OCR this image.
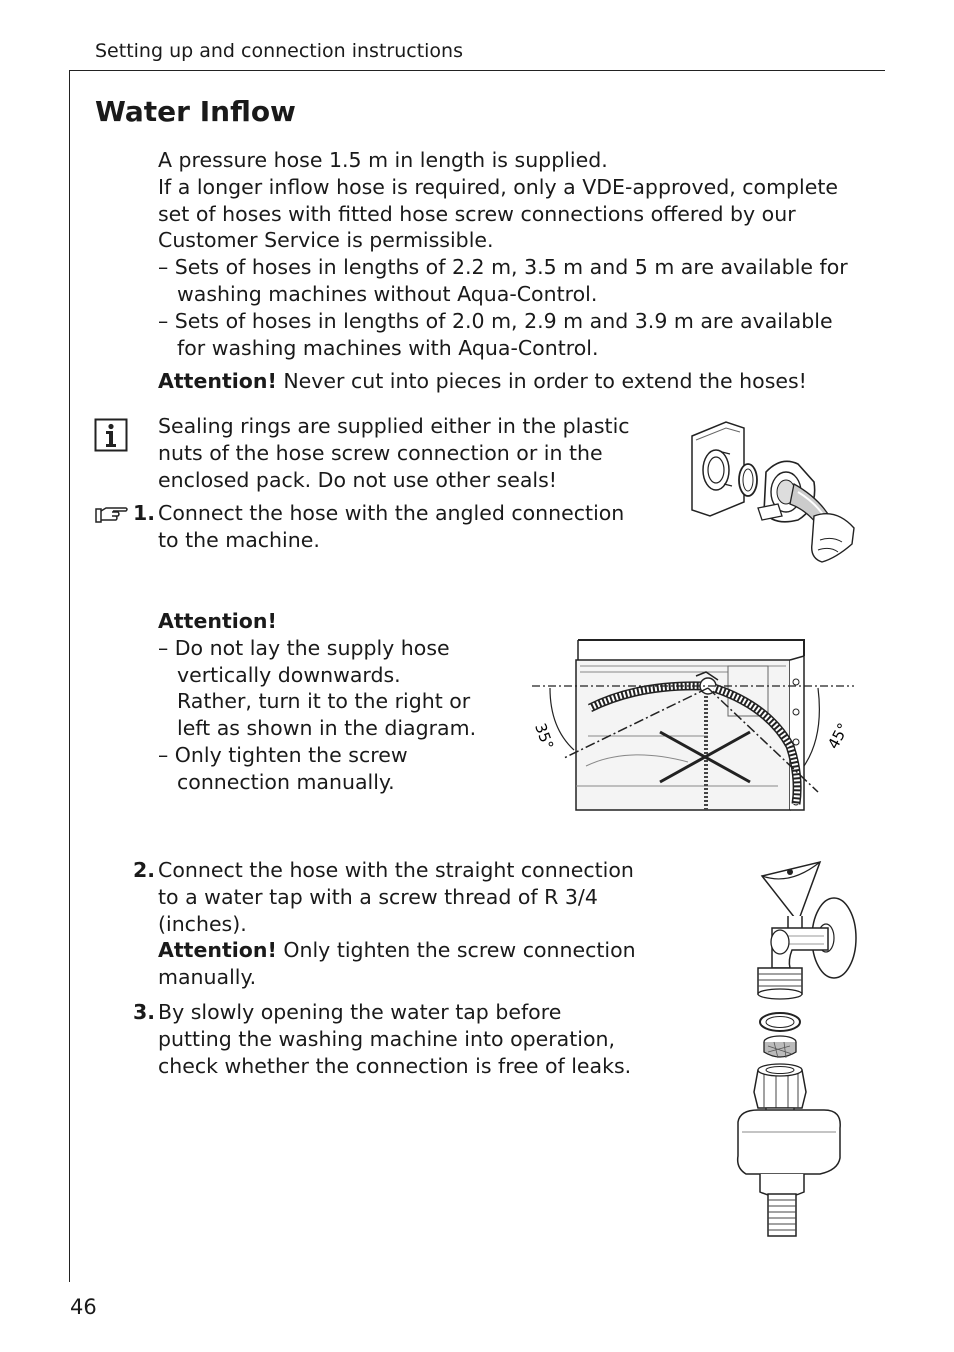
Setting up and connection instructions
Water Inflow
A pressure hose 1.5 m in length is supplied.
If a longer inflow hose is required, only a VDE-approved, complete set of hoses with fitted hose screw connections offered by our Customer Service is permissible.
– Sets of hoses in lengths of 2.2 m, 3.5 m and 5 m are available for washing machines without Aqua-Control.
– Sets of hoses in lengths of 2.0 m, 2.9 m and 3.9 m are available for washing machines with Aqua-Control.
Attention! Never cut into pieces in order to extend the hoses!
Sealing rings are supplied either in the plastic nuts of the hose screw connection or in the enclosed pack. Do not use other seals!
1. Connect the hose with the angled connection to the machine.
Attention!
– Do not lay the supply hose vertically downwards. Rather, turn it to the right or left as shown in the diagram.
– Only tighten the screw connection manually.
35°	45°
2. Connect the hose with the straight connection to a water tap with a screw thread of R 3/4 (inches).
Attention! Only tighten the screw connection manually.
3. By slowly opening the water tap before putting the washing machine into operation, check whether the connection is free of leaks.
46
